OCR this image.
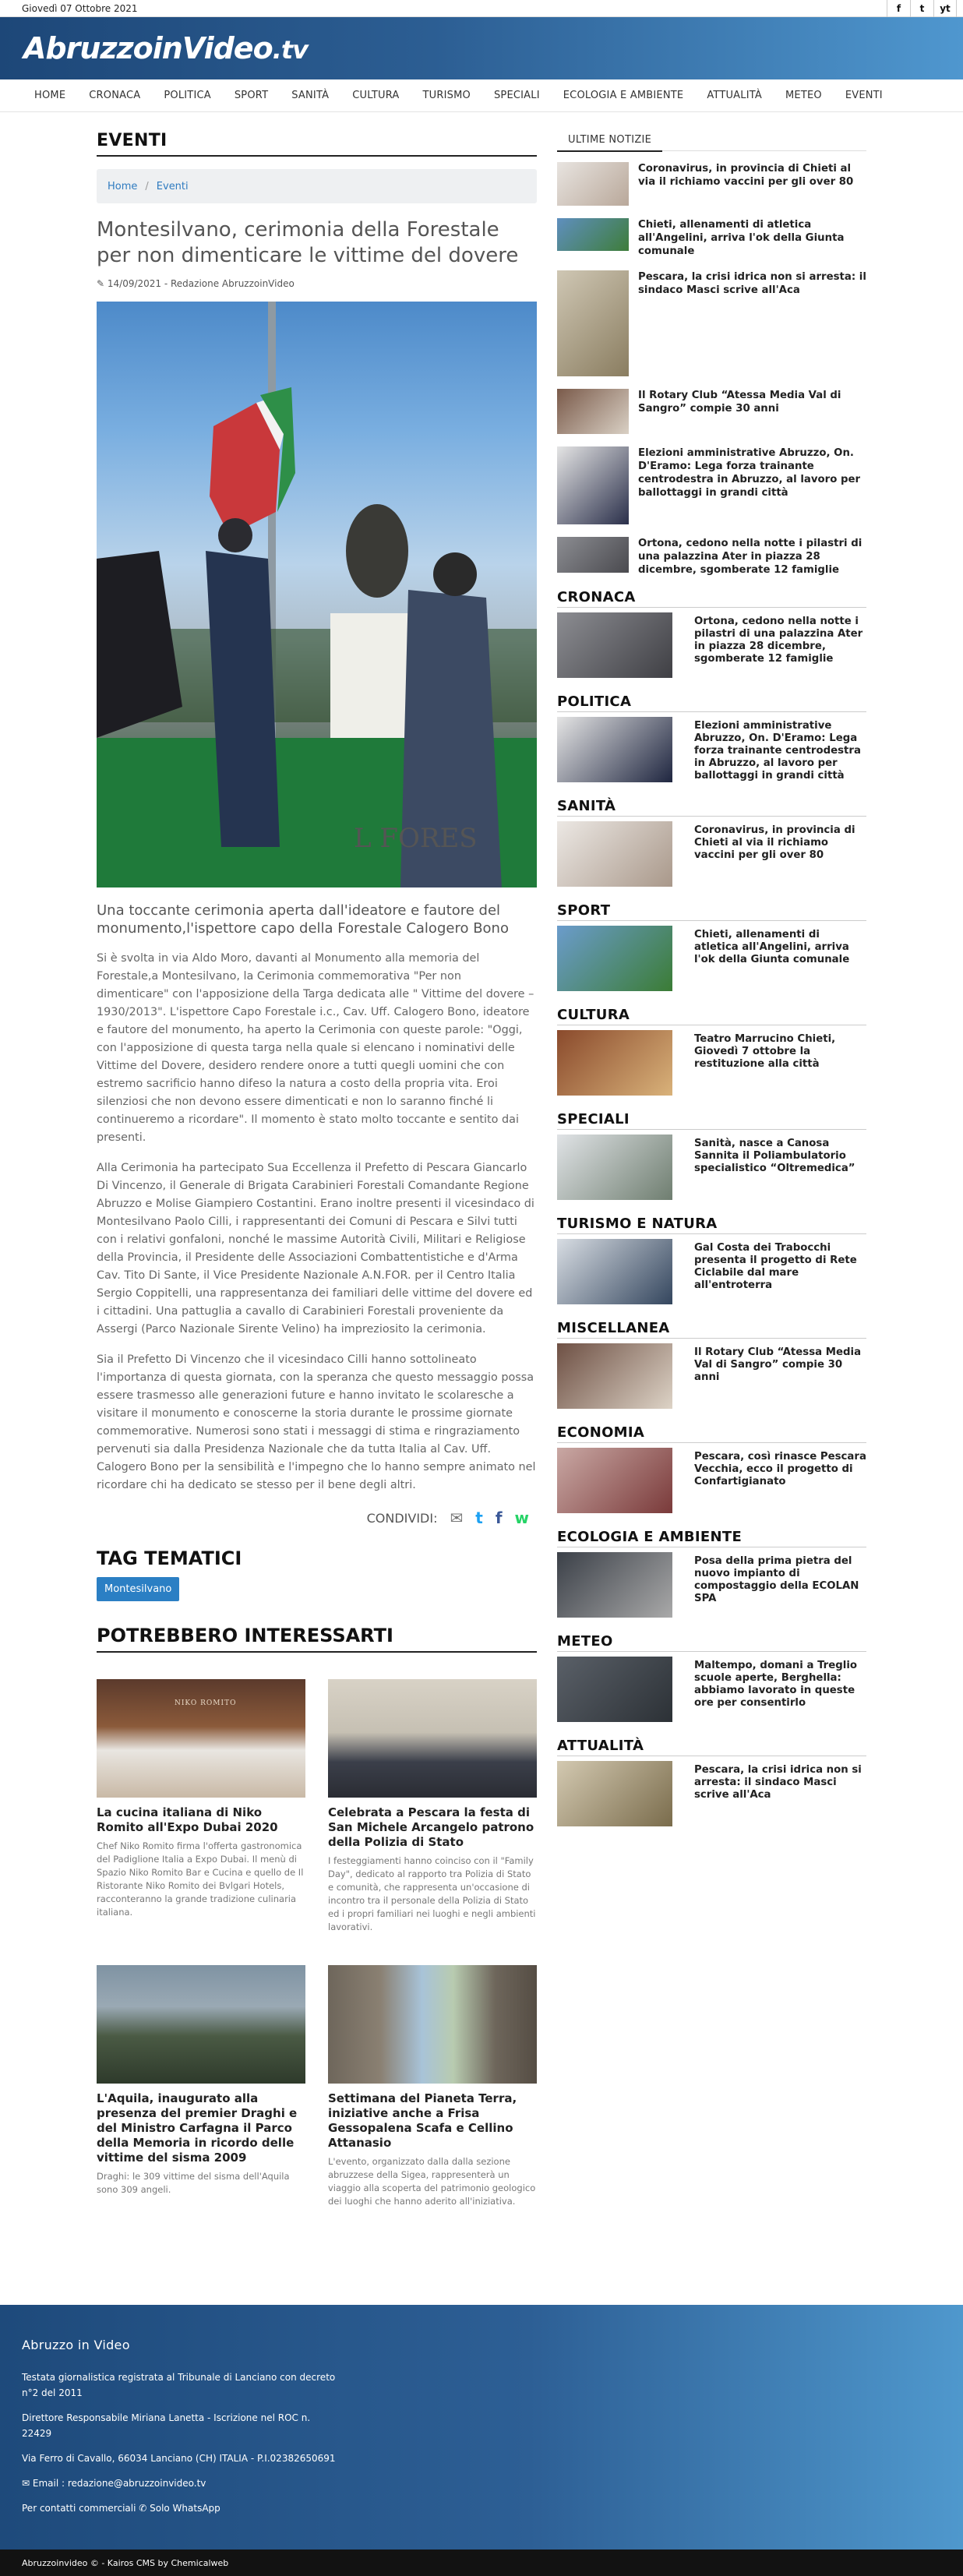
Giovedì 07 Ottobre 2021	f	t	yt
AbruzzoinVideo.tv
HOME	CRONACA	POLITICA	SPORT	SANITÀ	CULTURA	TURISMO	SPECIALI	ECOLOGIA E AMBIENTE	ATTUALITÀ	METEO	EVENTI
EVENTI
Home / Eventi
Montesilvano, cerimonia della Forestale per non dimenticare le vittime del dovere
✎ 14/09/2021 - Redazione AbruzzoinVideo
L FORES
Una toccante cerimonia aperta dall'ideatore e fautore del monumento,l'ispettore capo della Forestale Calogero Bono

Si è svolta in via Aldo Moro, davanti al Monumento alla memoria del Forestale,a Montesilvano, la Cerimonia commemorativa "Per non dimenticare" con l'apposizione della Targa dedicata alle " Vittime del dovere – 1930/2013". L'ispettore Capo Forestale i.c., Cav. Uff. Calogero Bono, ideatore e fautore del monumento, ha aperto la Cerimonia con queste parole: "Oggi, con l'apposizione di questa targa nella quale si elencano i nominativi delle Vittime del Dovere, desidero rendere onore a tutti quegli uomini che con estremo sacrificio hanno difeso la natura a costo della propria vita. Eroi silenziosi che non devono essere dimenticati e non lo saranno finché li continueremo a ricordare". Il momento è stato molto toccante e sentito dai presenti.

Alla Cerimonia ha partecipato Sua Eccellenza il Prefetto di Pescara Giancarlo Di Vincenzo, il Generale di Brigata Carabinieri Forestali Comandante Regione Abruzzo e Molise Giampiero Costantini. Erano inoltre presenti il vicesindaco di Montesilvano Paolo Cilli, i rappresentanti dei Comuni di Pescara e Silvi tutti con i relativi gonfaloni, nonché le massime Autorità Civili, Militari e Religiose della Provincia, il Presidente delle Associazioni Combattentistiche e d'Arma Cav. Tito Di Sante, il Vice Presidente Nazionale A.N.FOR. per il Centro Italia Sergio Coppitelli, una rappresentanza dei familiari delle vittime del dovere ed i cittadini. Una pattuglia a cavallo di Carabinieri Forestali proveniente da Assergi (Parco Nazionale Sirente Velino) ha impreziosito la cerimonia.

Sia il Prefetto Di Vincenzo che il vicesindaco Cilli hanno sottolineato l'importanza di questa giornata, con la speranza che questo messaggio possa essere trasmesso alle generazioni future e hanno invitato le scolaresche a visitare il monumento e conoscerne la storia durante le prossime giornate commemorative. Numerosi sono stati i messaggi di stima e ringraziamento pervenuti sia dalla Presidenza Nazionale che da tutta Italia al Cav. Uff. Calogero Bono per la sensibilità e l'impegno che lo hanno sempre animato nel ricordare chi ha dedicato se stesso per il bene degli altri.

CONDIVIDI: ✉ t f w
TAG TEMATICI
Montesilvano
POTREBBERO INTERESSARTI
NIKO ROMITO
La cucina italiana di Niko Romito all'Expo Dubai 2020

Chef Niko Romito firma l'offerta gastronomica del Padiglione Italia a Expo Dubai. Il menù di Spazio Niko Romito Bar e Cucina e quello de Il Ristorante Niko Romito dei Bvlgari Hotels, racconteranno la grande tradizione culinaria italiana.

Celebrata a Pescara la festa di San Michele Arcangelo patrono della Polizia di Stato

I festeggiamenti hanno coinciso con il "Family Day", dedicato al rapporto tra Polizia di Stato e comunità, che rappresenta un'occasione di incontro tra il personale della Polizia di Stato ed i propri familiari nei luoghi e negli ambienti lavorativi.

L'Aquila, inaugurato alla presenza del premier Draghi e del Ministro Carfagna il Parco della Memoria in ricordo delle vittime del sisma 2009

Draghi: le 309 vittime del sisma dell'Aquila sono 309 angeli.

Settimana del Pianeta Terra, iniziative anche a Frisa Gessopalena Scafa e Cellino Attanasio

L'evento, organizzato dalla dalla sezione abruzzese della Sigea, rappresenterà un viaggio alla scoperta del patrimonio geologico dei luoghi che hanno aderito all'iniziativa.

ULTIME NOTIZIE
Coronavirus, in provincia di Chieti al via il richiamo vaccini per gli over 80
Chieti, allenamenti di atletica all'Angelini, arriva l'ok della Giunta comunale
Pescara, la crisi idrica non si arresta: il sindaco Masci scrive all'Aca
Il Rotary Club “Atessa Media Val di Sangro” compie 30 anni
Elezioni amministrative Abruzzo, On. D'Eramo: Lega forza trainante centrodestra in Abruzzo, al lavoro per ballottaggi in grandi città
Ortona, cedono nella notte i pilastri di una palazzina Ater in piazza 28 dicembre, sgomberate 12 famiglie
CRONACA
Ortona, cedono nella notte i pilastri di una palazzina Ater in piazza 28 dicembre, sgomberate 12 famiglie
POLITICA
Elezioni amministrative Abruzzo, On. D'Eramo: Lega forza trainante centrodestra in Abruzzo, al lavoro per ballottaggi in grandi città
SANITÀ
Coronavirus, in provincia di Chieti al via il richiamo vaccini per gli over 80
SPORT
Chieti, allenamenti di atletica all'Angelini, arriva l'ok della Giunta comunale
CULTURA
Teatro Marrucino Chieti, Giovedì 7 ottobre la restituzione alla città
SPECIALI
Sanità, nasce a Canosa Sannita il Poliambulatorio specialistico “Oltremedica”
TURISMO E NATURA
Gal Costa dei Trabocchi presenta il progetto di Rete Ciclabile dal mare all'entroterra
MISCELLANEA
Il Rotary Club “Atessa Media Val di Sangro” compie 30 anni
ECONOMIA
Pescara, così rinasce Pescara Vecchia, ecco il progetto di Confartigianato
ECOLOGIA E AMBIENTE
Posa della prima pietra del nuovo impianto di compostaggio della ECOLAN SPA
METEO
Maltempo, domani a Treglio scuole aperte, Berghella: abbiamo lavorato in queste ore per consentirlo
ATTUALITÀ
Pescara, la crisi idrica non si arresta: il sindaco Masci scrive all'Aca
Abruzzo in Video
Testata giornalistica registrata al Tribunale di Lanciano con decreto n°2 del 2011
Direttore Responsabile Miriana Lanetta - Iscrizione nel ROC n. 22429
Via Ferro di Cavallo, 66034 Lanciano (CH) ITALIA - P.I.02382650691
✉ Email : redazione@abruzzoinvideo.tv
Per contatti commerciali ✆ Solo WhatsApp
Abruzzoinvideo © - Kairos CMS by Chemicalweb
